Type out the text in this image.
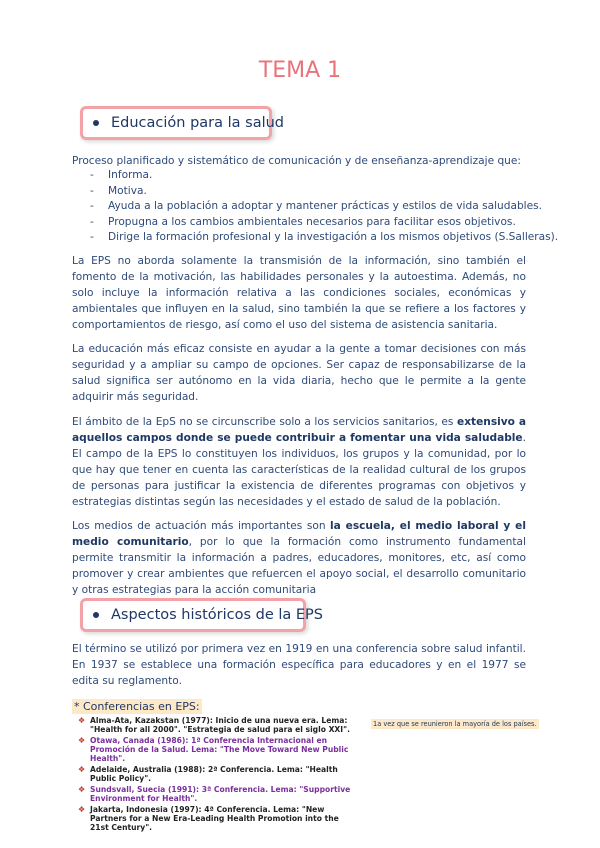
TEMA 1
Educación para la salud
Proceso planificado y sistemático de comunicación y de enseñanza-aprendizaje que:
- Informa.
- Motiva.
- Ayuda a la población a adoptar y mantener prácticas y estilos de vida saludables.
- Propugna a los cambios ambientales necesarios para facilitar esos objetivos.
- Dirige la formación profesional y la investigación a los mismos objetivos (S.Salleras).
La EPS no aborda solamente la transmisión de la información, sino también el fomento de la motivación, las habilidades personales y la autoestima. Además, no solo incluye la información relativa a las condiciones sociales, económicas y ambientales que influyen en la salud, sino también la que se refiere a los factores y comportamientos de riesgo, así como el uso del sistema de asistencia sanitaria.
La educación más eficaz consiste en ayudar a la gente a tomar decisiones con más seguridad y a ampliar su campo de opciones. Ser capaz de responsabilizarse de la salud significa ser autónomo en la vida diaria, hecho que le permite a la gente adquirir más seguridad.
El ámbito de la EpS no se circunscribe solo a los servicios sanitarios, es extensivo a aquellos campos donde se puede contribuir a fomentar una vida saludable. El campo de la EPS lo constituyen los individuos, los grupos y la comunidad, por lo que hay que tener en cuenta las características de la realidad cultural de los grupos de personas para justificar la existencia de diferentes programas con objetivos y estrategias distintas según las necesidades y el estado de salud de la población.
Los medios de actuación más importantes son la escuela, el medio laboral y el medio comunitario, por lo que la formación como instrumento fundamental permite transmitir la información a padres, educadores, monitores, etc, así como promover y crear ambientes que refuercen el apoyo social, el desarrollo comunitario y otras estrategias para la acción comunitaria
Aspectos históricos de la EPS
El término se utilizó por primera vez en 1919 en una conferencia sobre salud infantil. En 1937 se establece una formación específica para educadores y en el 1977 se edita su reglamento.
* Conferencias en EPS:
❖ Alma-Ata, Kazakstan (1977): Inicio de una nueva era. Lema: "Health for all 2000". "Estrategia de salud para el siglo XXI".
❖ Otawa, Canada (1986): 1ª Conferencia Internacional en Promoción de la Salud. Lema: "The Move Toward New Public Health".
❖ Adelaide, Australia (1988): 2ª Conferencia. Lema: "Health Public Policy".
❖ Sundsvall, Suecia (1991): 3ª Conferencia. Lema: "Supportive Environment for Health".
❖ Jakarta, Indonesia (1997): 4ª Conferencia. Lema: "New Partners for a New Era-Leading Health Promotion into the 21st Century".
1a vez que se reunieron la mayoría de los países.
